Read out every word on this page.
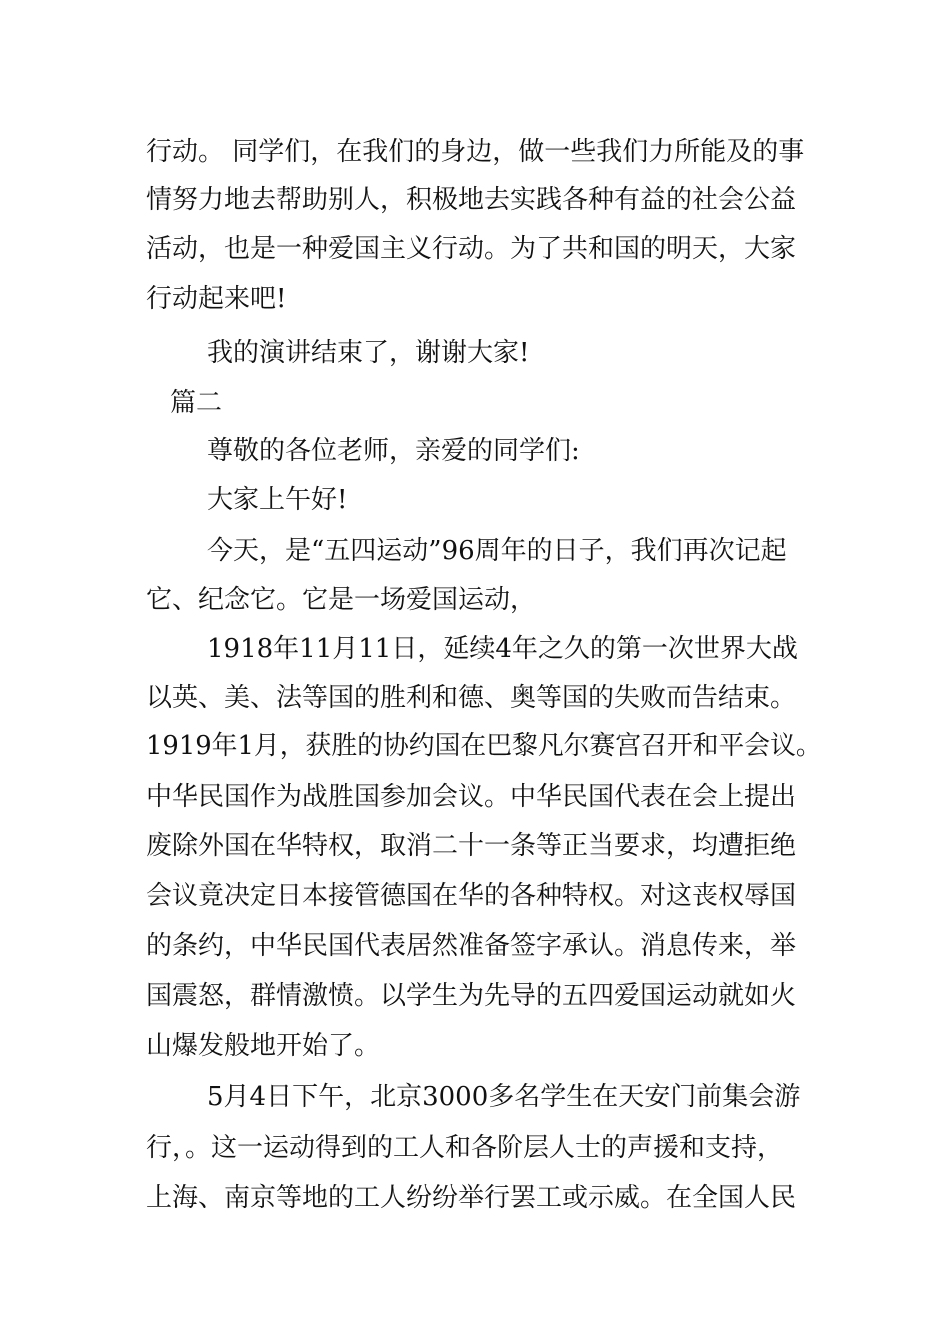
行动。 同学们，在我们的身边，做一些我们力所能及的事
情努力地去帮助别人，积极地去实践各种有益的社会公益
活动，也是一种爱国主义行动。为了共和国的明天，大家
行动起来吧!
我的演讲结束了，谢谢大家!
篇二
尊敬的各位老师，亲爱的同学们:
大家上午好!
今天，是“五四运动”96周年的日子，我们再次记起
它、纪念它。它是一场爱国运动，
1918年11月11日，延续4年之久的第一次世界大战
以英、美、法等国的胜利和德、奥等国的失败而告结束。
1919年1月，获胜的协约国在巴黎凡尔赛宫召开和平会议。
中华民国作为战胜国参加会议。中华民国代表在会上提出
废除外国在华特权，取消二十一条等正当要求，均遭拒绝
会议竟决定日本接管德国在华的各种特权。对这丧权辱国
的条约，中华民国代表居然准备签字承认。消息传来，举
国震怒，群情激愤。以学生为先导的五四爱国运动就如火
山爆发般地开始了。
5月4日下午，北京3000多名学生在天安门前集会游
行，。这一运动得到的工人和各阶层人士的声援和支持，
上海、南京等地的工人纷纷举行罢工或示威。在全国人民
